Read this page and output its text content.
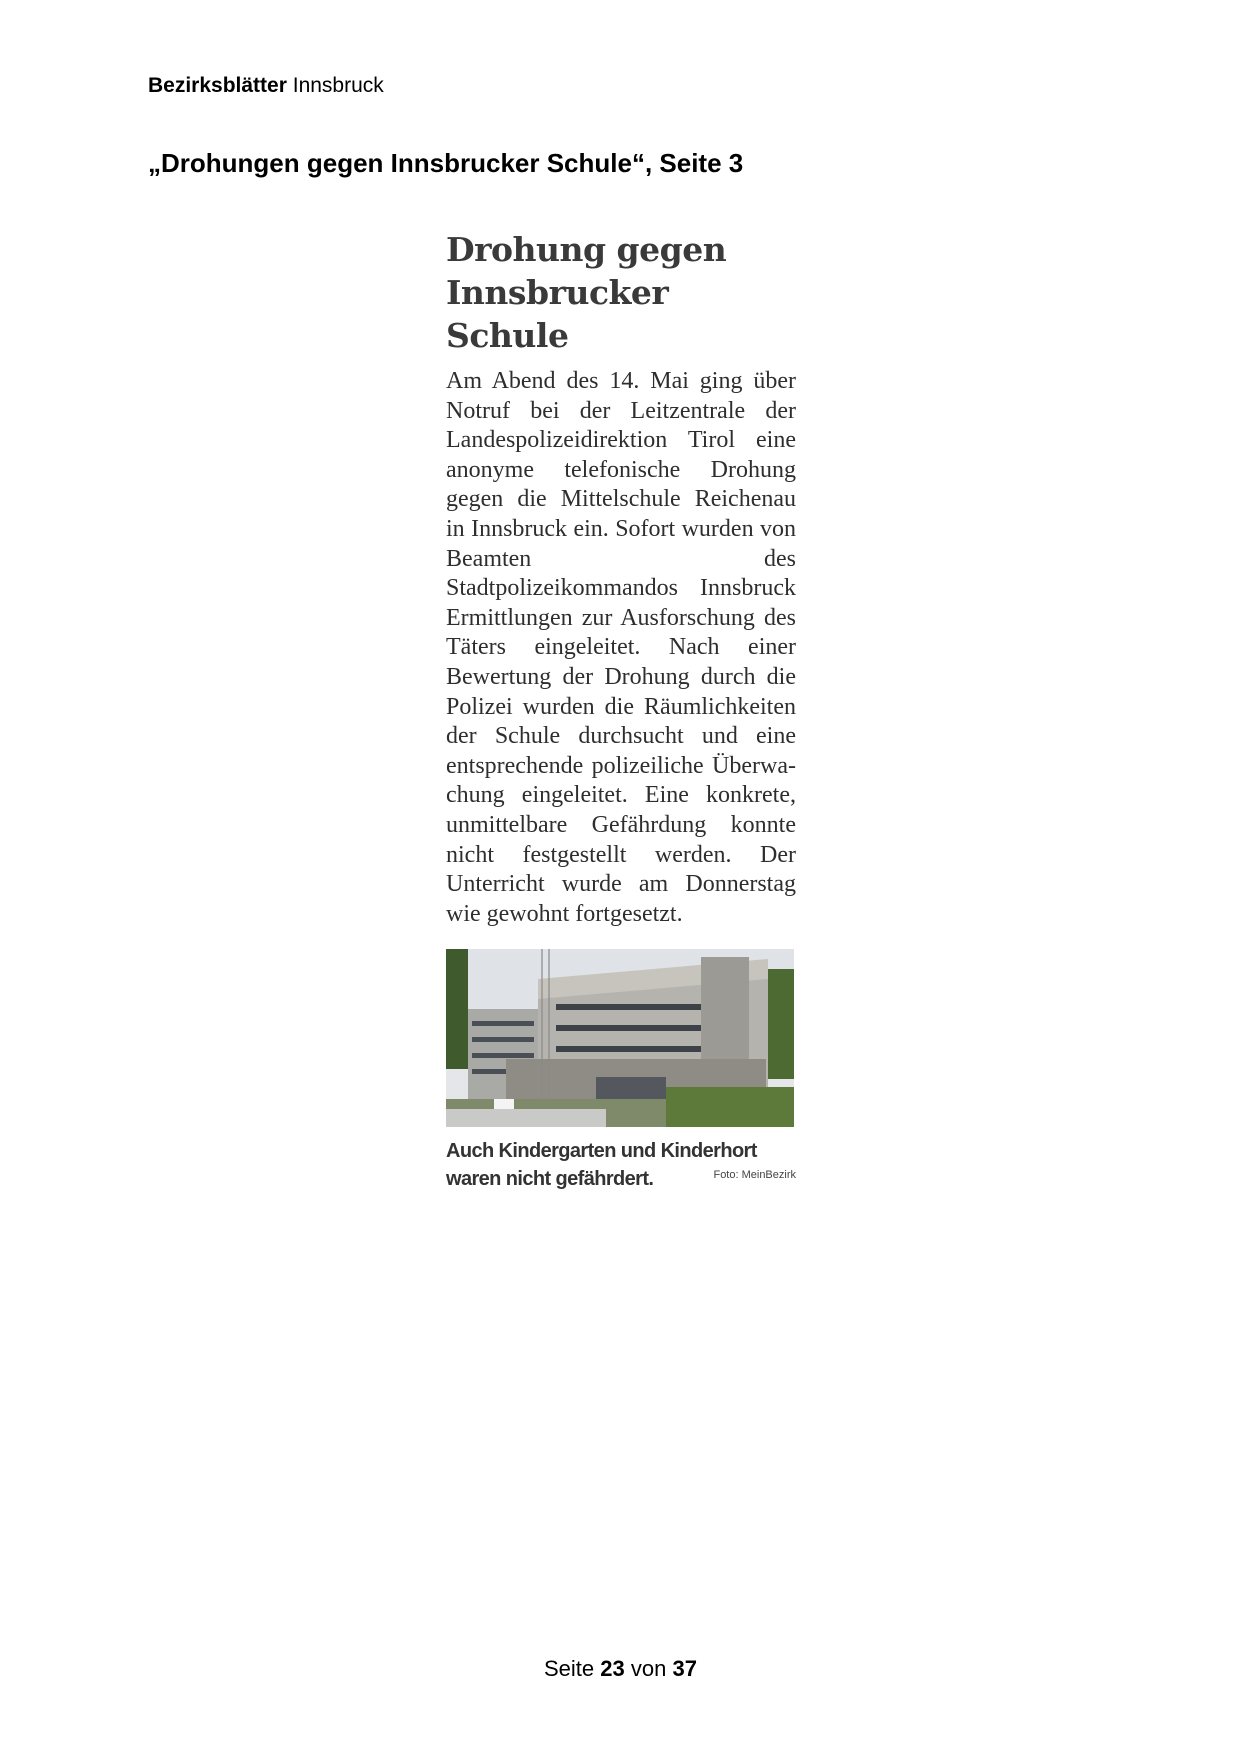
Bezirksblätter Innsbruck
„Drohungen gegen Innsbrucker Schule“, Seite 3
Drohung gegen
Innsbrucker Schule
Am Abend des 14. Mai ging über Notruf bei der Leitzentrale der Landespolizeidirektion Tirol eine anonyme telefonische Drohung gegen die Mittelschule Reichenau in Innsbruck ein. Sofort wurden von Beamten des Stadtpolizeikommandos Innsbruck Ermittlungen zur Ausforschung des Täters eingeleitet. Nach einer Bewertung der Drohung durch die Polizei wurden die Räumlichkeiten der Schule durchsucht und eine entsprechende polizeiliche Überwachung eingeleitet. Eine konkrete, unmittelbare Gefährdung konnte nicht festgestellt werden. Der Unterricht wurde am Donnerstag wie gewohnt fortgesetzt.
Auch Kindergarten und Kinderhort
waren nicht gefährdert.	Foto: MeinBezirk
Seite 23 von 37
